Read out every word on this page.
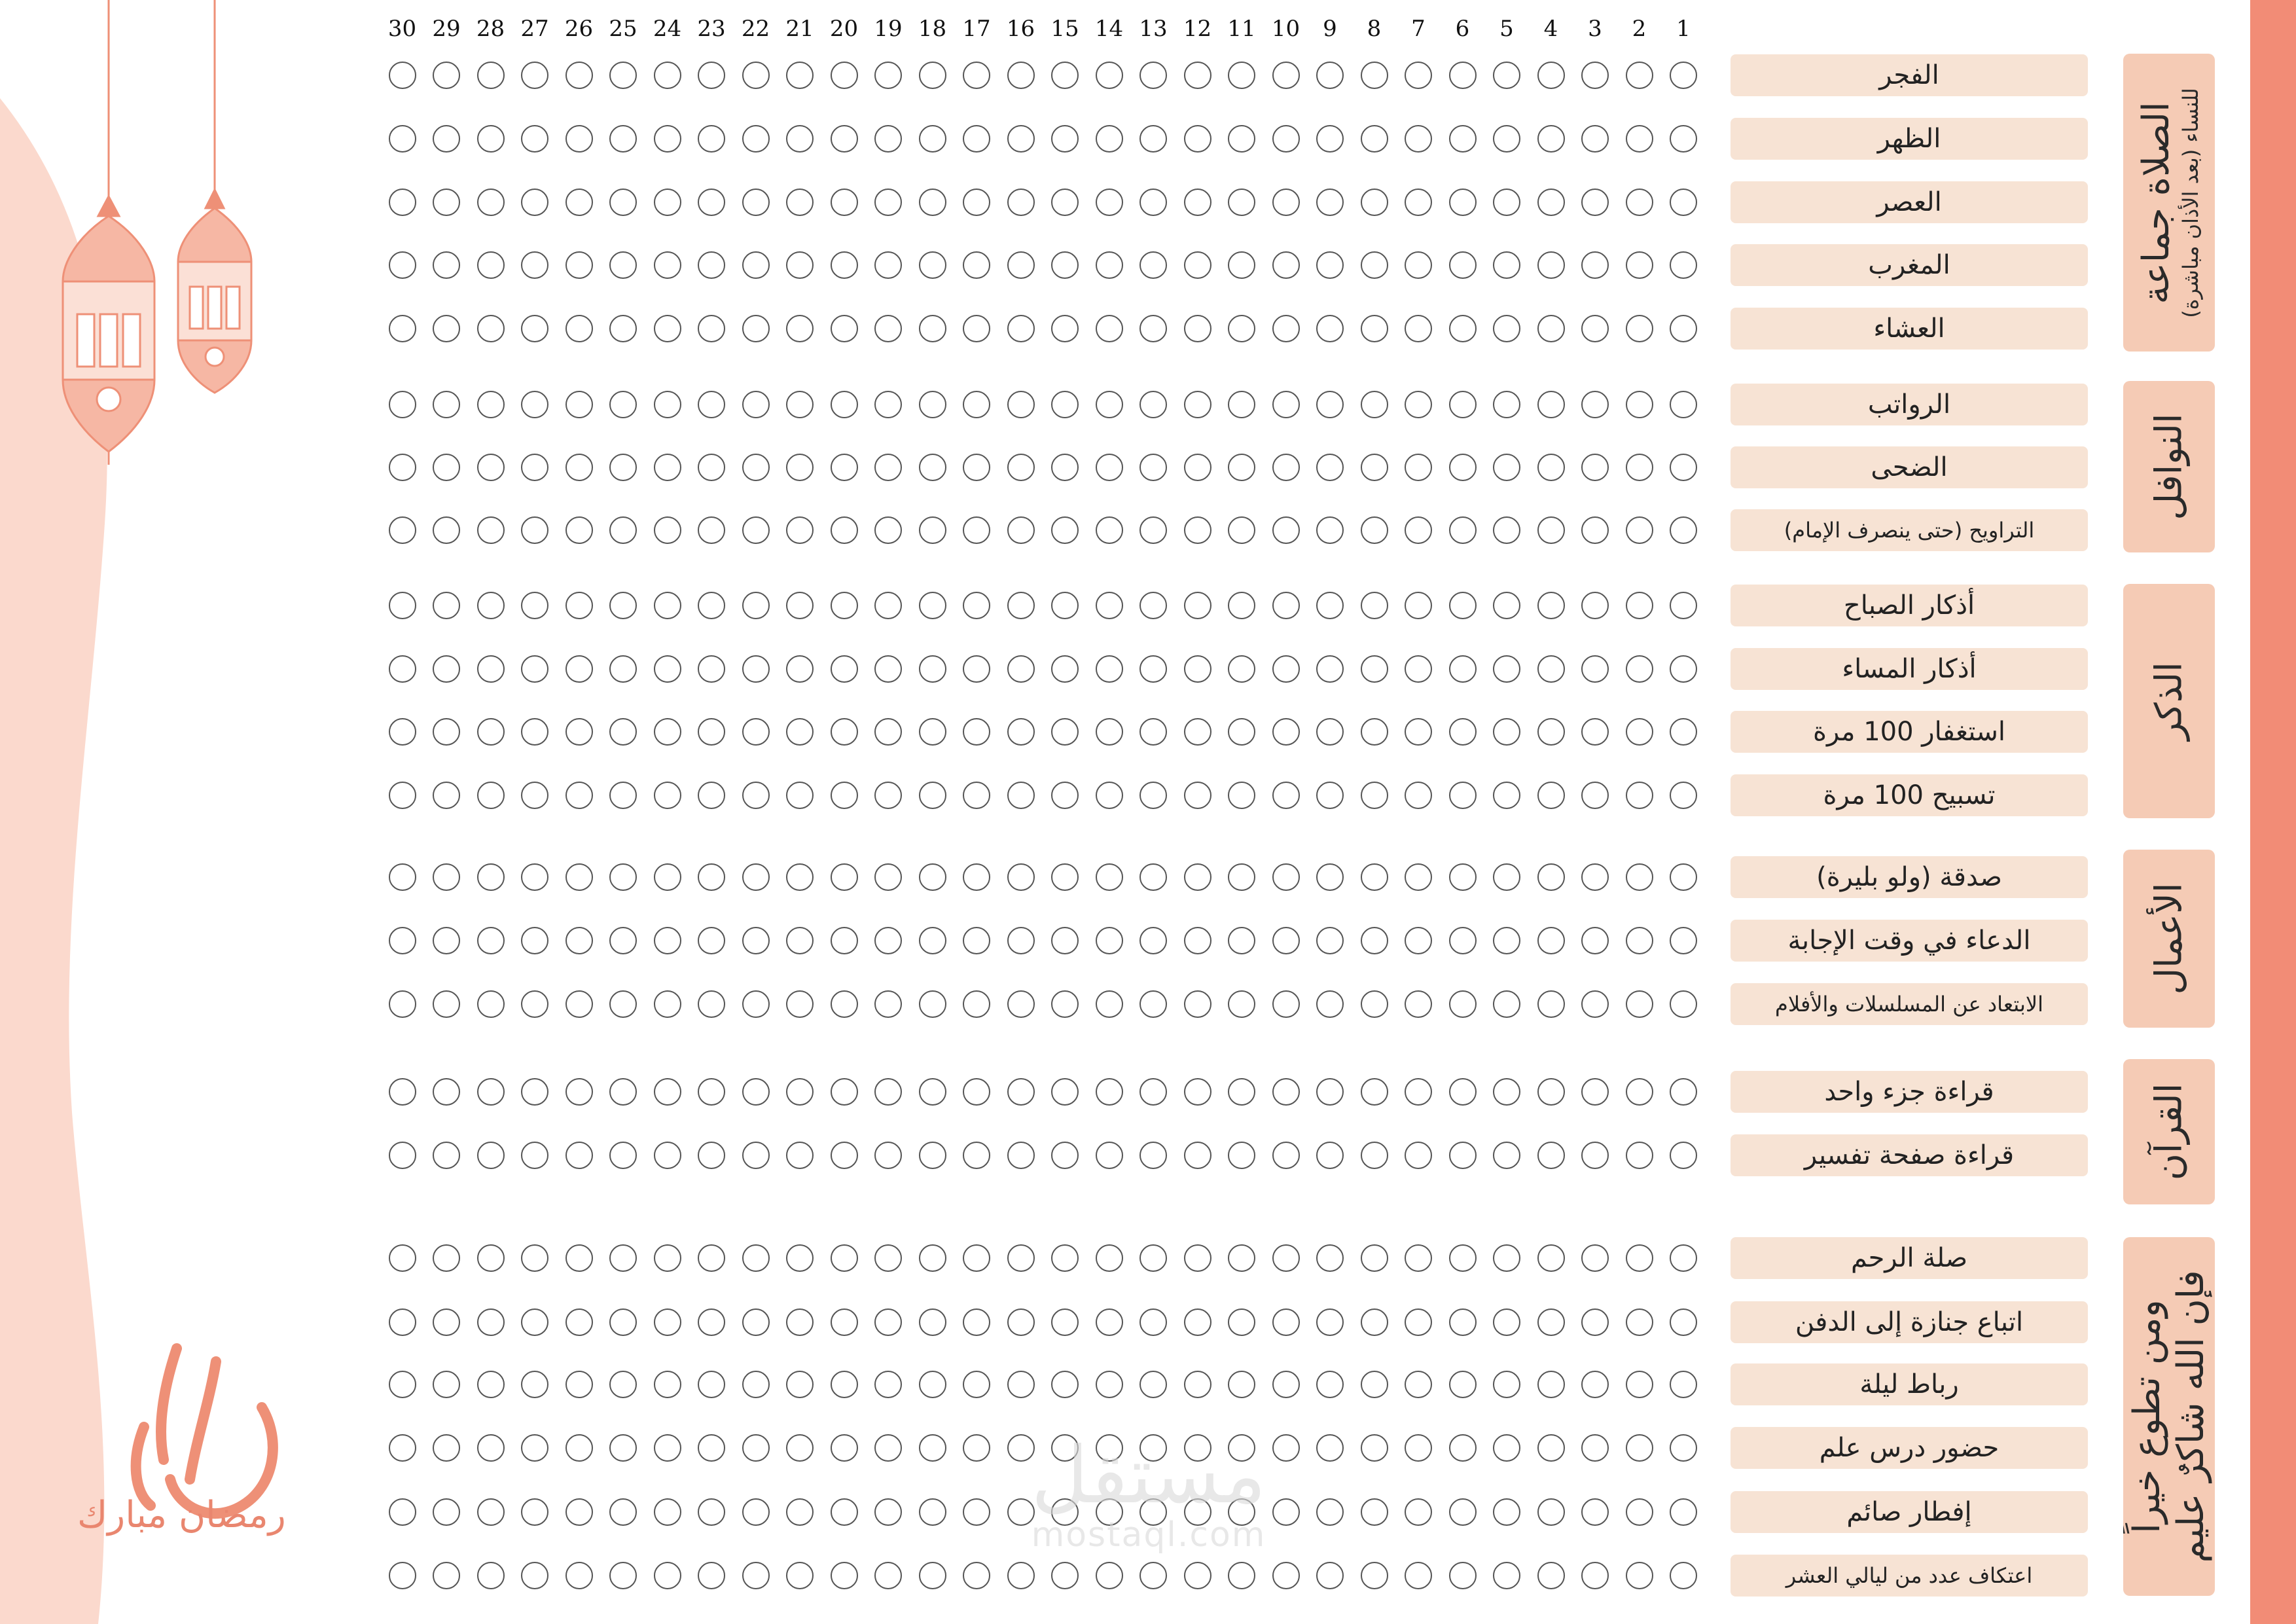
1
2
3
4
5
6
7
8
9
10
11
12
13
14
15
16
17
18
19
20
21
22
23
24
25
26
27
28
29
30
الصلاة جماعة للنساء (بعد الأذان مباشرة)
النوافل
الذكر
الأعمال
القرآن
ومن تطوع خيراً فإن الله شاكرٌ عليم
الفجر
الظهر
العصر
المغرب
العشاء
الرواتب
الضحى
التراويح (حتى ينصرف الإمام)
أذكار الصباح
أذكار المساء
استغفار 100 مرة
تسبيح 100 مرة
صدقة (ولو بليرة)
الدعاء في وقت الإجابة
الابتعاد عن المسلسلات والأفلام
قراءة جزء واحد
قراءة صفحة تفسير
صلة الرحم
اتباع جنازة إلى الدفن
رباط ليلة
حضور درس علم
إفطار صائم
اعتكاف عدد من ليالي العشر
رمضان مبارك	مستقل
mostaql.com
